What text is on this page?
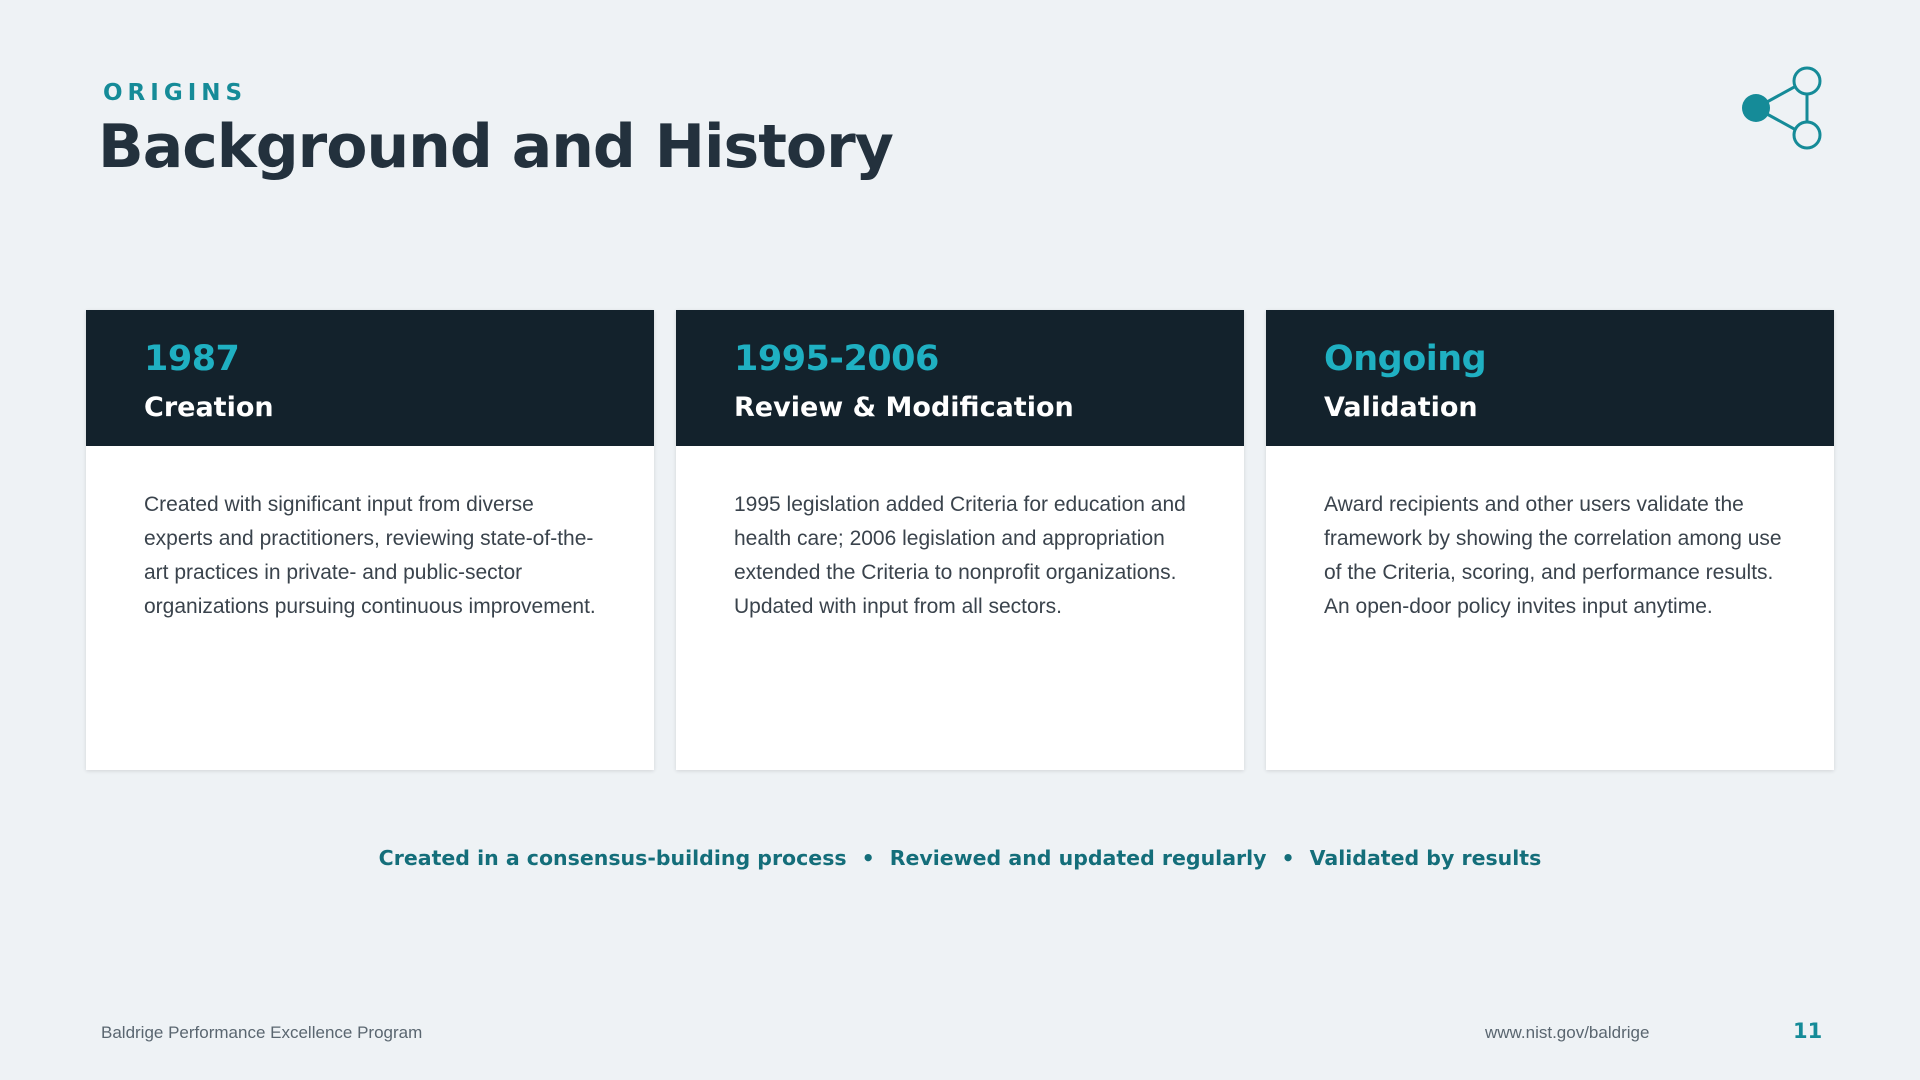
ORIGINS
Background and History
1987
Creation
Created with significant input from diverse experts and practitioners, reviewing state-of-the-art practices in private- and public-sector organizations pursuing continuous improvement.
1995-2006
Review & Modification
1995 legislation added Criteria for education and health care; 2006 legislation and appropriation extended the Criteria to nonprofit organizations. Updated with input from all sectors.
Ongoing
Validation
Award recipients and other users validate the framework by showing the correlation among use of the Criteria, scoring, and performance results. An open-door policy invites input anytime.
Created in a consensus-building process • Reviewed and updated regularly • Validated by results
Baldrige Performance Excellence Program	www.nist.gov/baldrige	11
